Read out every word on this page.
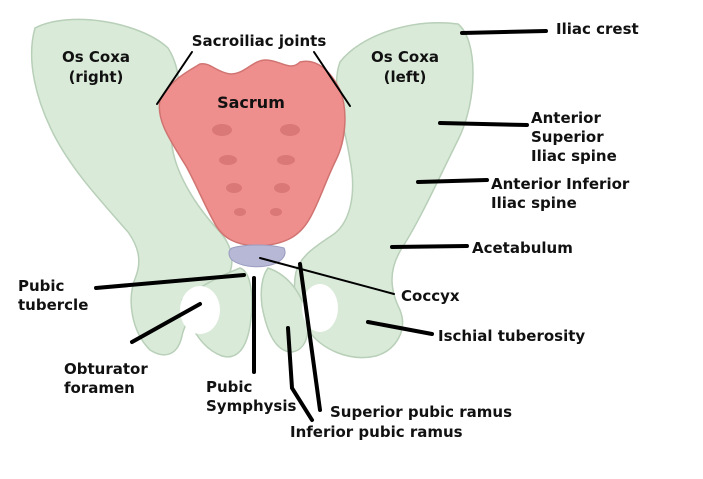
Os Coxa (right)
Os Coxa (left)
Sacrum
Sacroiliac joints
Iliac crest
Anterior Superior Iliac spine
Anterior Inferior Iliac spine
Acetabulum
Pubic tubercle	Coccyx
Ischial tuberosity
Obturator foramen	Pubic Symphysis Superior pubic ramus
Inferior pubic ramus
